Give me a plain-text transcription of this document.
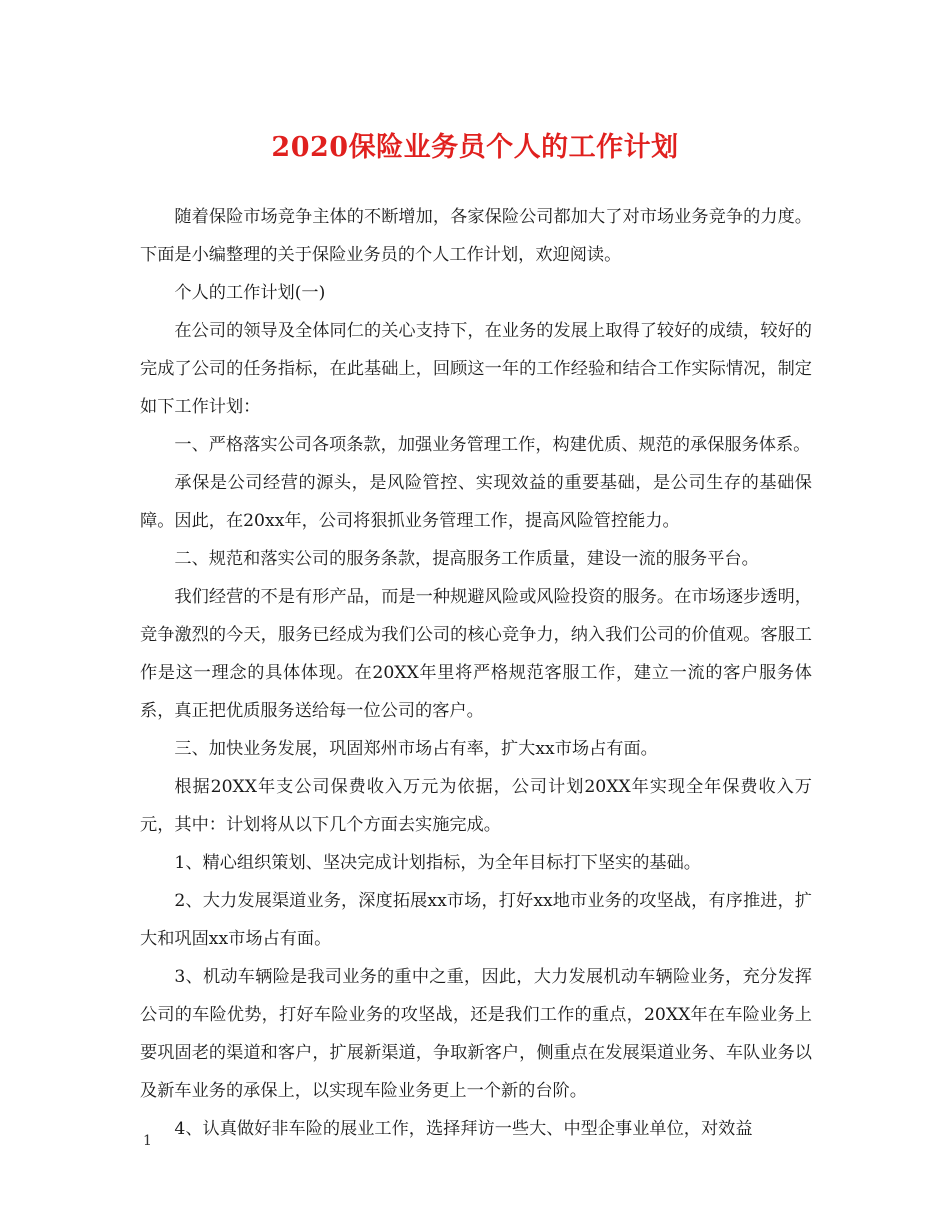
2020保险业务员个人的工作计划

随着保险市场竞争主体的不断增加，各家保险公司都加大了对市场业务竞争的力度。下面是小编整理的关于保险业务员的个人工作计划，欢迎阅读。

个人的工作计划(一)

在公司的领导及全体同仁的关心支持下，在业务的发展上取得了较好的成绩，较好的完成了公司的任务指标，在此基础上，回顾这一年的工作经验和结合工作实际情况，制定如下工作计划：

一、严格落实公司各项条款，加强业务管理工作，构建优质、规范的承保服务体系。

承保是公司经营的源头，是风险管控、实现效益的重要基础，是公司生存的基础保障。因此，在20xx年，公司将狠抓业务管理工作，提高风险管控能力。

二、规范和落实公司的服务条款，提高服务工作质量，建设一流的服务平台。

我们经营的不是有形产品，而是一种规避风险或风险投资的服务。在市场逐步透明，竞争激烈的今天，服务已经成为我们公司的核心竞争力，纳入我们公司的价值观。客服工作是这一理念的具体体现。在20XX年里将严格规范客服工作，建立一流的客户服务体系，真正把优质服务送给每一位公司的客户。

三、加快业务发展，巩固郑州市场占有率，扩大xx市场占有面。

根据20XX年支公司保费收入万元为依据，公司计划20XX年实现全年保费收入万元，其中：计划将从以下几个方面去实施完成。

1、精心组织策划、坚决完成计划指标，为全年目标打下坚实的基础。

2、大力发展渠道业务，深度拓展xx市场，打好xx地市业务的攻坚战，有序推进，扩大和巩固xx市场占有面。

3、机动车辆险是我司业务的重中之重，因此，大力发展机动车辆险业务，充分发挥公司的车险优势，打好车险业务的攻坚战，还是我们工作的重点，20XX年在车险业务上要巩固老的渠道和客户，扩展新渠道，争取新客户，侧重点在发展渠道业务、车队业务以及新车业务的承保上，以实现车险业务更上一个新的台阶。

4、认真做好非车险的展业工作，选择拜访一些大、中型企事业单位，对效益

1
